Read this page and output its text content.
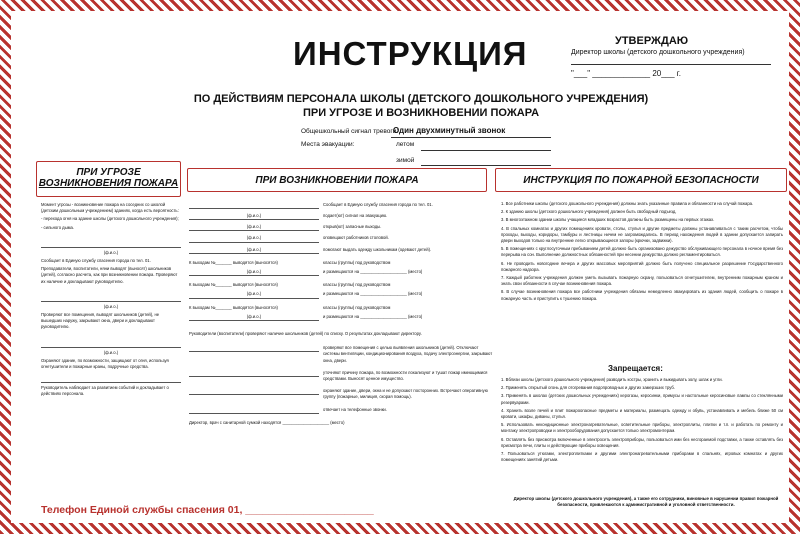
УТВЕРЖДАЮ
Директор школы (детского дошкольного учреждения)
"___" _____________ 20___ г.
ИНСТРУКЦИЯ
ПО ДЕЙСТВИЯМ ПЕРСОНАЛА ШКОЛЫ (ДЕТСКОГО ДОШКОЛЬНОГО УЧРЕЖДЕНИЯ)
ПРИ УГРОЗЕ И ВОЗНИКНОВЕНИИ ПОЖАРА
Общешкольный сигнал тревоги:
Один двухминутный звонок
Места эвакуации:	летом
зимой
ПРИ УГРОЗЕ
ВОЗНИКНОВЕНИЯ ПОЖАРА

Момент угрозы - возникновение пожара на соседних со школой (детским дошкольным учреждением) зданиях, когда есть вероятность:

- перехода огня на здание школы (детского дошкольного учреждения);

- сильного дыма.

(ф.и.о.)

Сообщает в Единую службу спасения города по тел. 01.

Преподаватели, воспитатели, няни выводят (выносят) школьников (детей), согласно расчета, как при возникновении пожара. Проверяют их наличие и докладывают руководителю.

(ф.и.о.)

Проверяют все помещения, выводят школьников (детей), не вышедших наружу, закрывают окна, двери и докладывают руководителю.

(ф.и.о.)

Охраняют здание, по возможности, защищают от огня, используя огнетушители и пожарные краны, подручные средства.

Руководитель наблюдает за развитием событий и докладывает о действиях персонала.

ПРИ ВОЗНИКНОВЕНИИ ПОЖАРА
Сообщает в Единую службу спасения города по тел. 01.
(ф.и.о.)	подает(ют) сигнал на эвакуацию.
(ф.и.о.)	открыв(ют) запасные выходы.
(ф.и.о.)	оповещают работников столовой.
(ф.и.о.)	помогают выдать одежду школьникам (одевают детей).
К выходам №_______ выводятся (выносятся)	классы (группы) под руководством
(ф.и.о.)	и размещаются на ____________________ (место)
К выходам №_______ выводятся (выносятся)	классы (группы) под руководством
(ф.и.о.)	и размещаются на ____________________ (место)
К выходам №_______ выводятся (выносятся)	классы (группы) под руководством
(ф.и.о.)	и размещаются на ____________________ (место)

Руководители (воспитатели) проверяют наличие школьников (детей) по списку. О результатах докладывают директору.

проверяют все помещения с целью выявления школьников (детей). Отключают системы вентиляции, кондиционирования воздуха, подачу электроэнергии, закрывают окна, двери.
уточняют причину пожара, по возможности локализуют и тушат пожар имеющимися средствами. Выносят ценное имущество.
охраняют здание, двери, окна и не допускают посторонних. Встречают оперативную группу (пожарные, милиция, скорая помощь).
отвечает на телефонные звонки.

Директор, врач с санитарной сумкой находятся ____________________ (место)

ИНСТРУКЦИЯ ПО ПОЖАРНОЙ БЕЗОПАСНОСТИ

1. Все работники школы (детского дошкольного учреждения) должны знать указанные правила и обязанности на случай пожара.

2. К зданию школы (детского дошкольного учреждения) должен быть свободный подъезд.

3. В многоэтажном здании школы учащиеся младших возрастов должны быть размещены на первых этажах.

4. В спальных комнатах и других помещениях кровати, столы, стулья и другие предметы должны устанавливаться с таким расчетом, чтобы проходы, выходы, коридоры, тамбуры и лестницы ничем не загромождались. В период нахождения людей в здании допускается запирать двери выходов только на внутренние легко открывающиеся запоры (крючки, задвижки).

5. В помещениях с круглосуточным пребыванием детей должно быть организовано дежурство обслуживающего персонала в ночное время без перерыва на сон. Выполнение должностных обязанностей при несении дежурства должно регламентироваться.

6. Не проводить новогодние вечера и других массовых мероприятий должно быть получено специальное разрешение Государственного пожарного надзора.

7. Каждый работник учреждения должен уметь вызывать пожарную охрану, пользоваться огнетушителем, внутренним пожарным краном и знать свои обязанности в случае возникновения пожара.

8. В случае возникновения пожара все работники учреждения обязаны немедленно эвакуировать из здания людей, сообщить о пожаре в пожарную часть и приступить к тушению пожара.

Запрещается:

1. Вблизи школы (детского дошкольного учреждения) разводить костры, хранить и выкидывать золу, шлак и угли.

2. Применять открытый огонь для отогревания водопроводных и других замерзших труб.

3. Применять в школах (детских дошкольных учреждениях) керогазы, керосинки, примусы и настольные керосиновые лампы со стеклянными резервуарами.

4. Хранить возле печей и плит пожароопасные предметы и материалы, размещать одежду и обувь, устанавливать и мебель ближе 50 см кровати, шкафы, диваны, стулья.

5. Использовать некондиционные электронагревательные, осветительные приборы, электроплиты, плитки и т.п. и работать по ремонту и монтажу электропроводки и электрооборудования допускается только электромонтерам.

6. Оставлять без присмотра включенные в электросеть электроприборы, пользоваться ими без несгораемой подставки, а также оставлять без присмотра печи, плиты и действующие приборы освещения.

7. Пользоваться утюгами, электроплитками и другими электронагревательными приборами в спальнях, игровых комнатах и других помещениях занятий детьми.

Директор школы (детского дошкольного учреждения), а также его сотрудники, виновные в нарушении правил пожарной безопасности, привлекаются к административной и уголовной ответственности.
Телефон Единой службы спасения 01, ______________________
